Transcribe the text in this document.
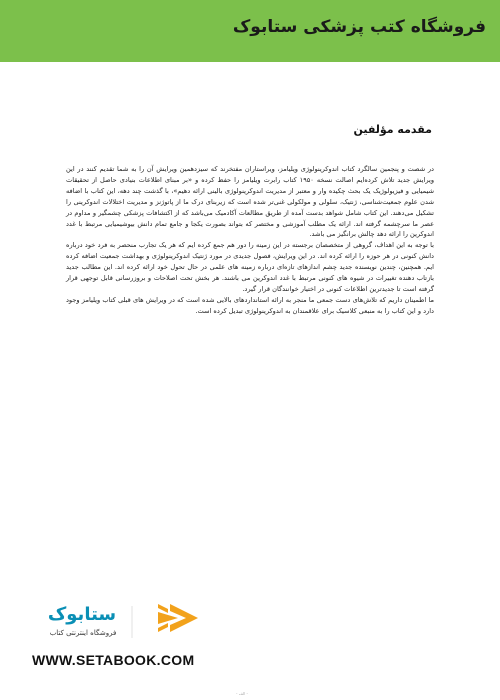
فروشگاه کتب پزشکی ستابوک
مقدمه مؤلفین

در شصت و پنجمین سالگرد کتاب اندوکرینولوژی ویلیامز، ویراستاران مفتخرند که سیزدهمین ویرایش آن را به شما تقدیم کنند در این ویرایش جدید تلاش کرده‌ایم اصالت نسخه ۱۹۵۰ کتاب رابرت ویلیامز را حفظ کرده و «بر مبنای اطلاعات بنیادی حاصل از تحقیقات شیمیایی و فیزیولوژیک یک بحث چکیده وار و معتبر از مدیریت اندوکرینولوژی بالینی ارائه دهیم»، با گذشت چند دهه، این کتاب با اضافه شدن علوم جمعیت‌شناسی، ژنتیک، سلولی و مولکولی غنی‌تر شده است که زیربنای درک ما از پاتوژنز و مدیریت اختلالات اندوکرینی را تشکیل می‌دهند. این کتاب شامل شواهد بدست آمده از طریق مطالعات آکادمیک می‌باشد که از اکتشافات پزشکی چشمگیر و مداوم در عصر ما سرچشمه گرفته اند. ارائه یک مطلب آموزشی و مختصر که بتواند بصورت یکجا و جامع تمام دانش بیوشیمیایی مرتبط با غدد اندوکرین را ارائه دهد چالش برانگیز می باشد.

با توجه به این اهداف، گروهی از متخصصان برجسته در این زمینه را دور هم جمع کرده ایم که هر یک تجارب منحصر به فرد خود درباره دانش کنونی در هر حوزه را ارائه کرده اند. در این ویرایش، فصول جدیدی در مورد ژنتیک اندوکرینولوژی و بهداشت جمعیت اضافه کرده ایم. همچنین، چندین نویسنده جدید چشم اندازهای تازه‌ای درباره زمینه های علمی در حال تحول خود ارائه کرده اند. این مطالب جدید بازتاب دهنده تغییرات در شیوه های کنونی مرتبط با غدد اندوکرین می باشند. هر بخش تحت اصلاحات و بروزرسانی قابل توجهی قرار گرفته است تا جدیدترین اطلاعات کنونی در اختیار خوانندگان قرار گیرد.

ما اطمینان داریم که تلاش‌های دست جمعی ما منجر به ارائه استانداردهای بالایی شده است که در ویرایش های قبلی کتاب ویلیامز وجود دارد و این کتاب را به منبعی کلاسیک برای علاقمندان به اندوکرینولوژی تبدیل کرده است.

ستابوک
فروشگاه اینترنتی کتاب
WWW.SETABOOK.COM
- الف -
